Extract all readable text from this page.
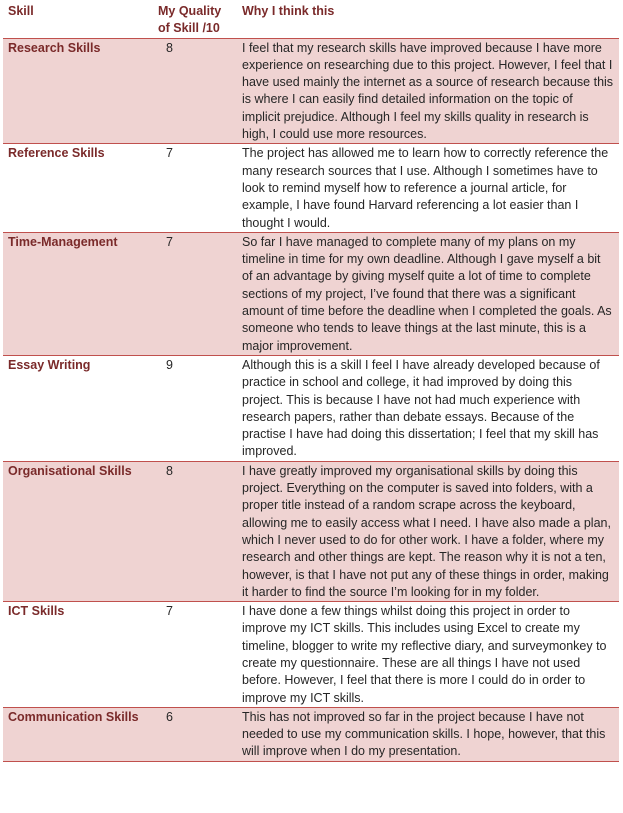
Skill	My Quality of Skill /10	Why I think this
Research Skills	8	I feel that my research skills have improved because I have more experience on researching due to this project. However, I feel that I have used mainly the internet as a source of research because this is where I can easily find detailed information on the topic of implicit prejudice. Although I feel my skills quality in research is high, I could use more resources.
Reference Skills	7	The project has allowed me to learn how to correctly reference the many research sources that I use. Although I sometimes have to look to remind myself how to reference a journal article, for example, I have found Harvard referencing a lot easier than I thought I would.
Time-Management	7	So far I have managed to complete many of my plans on my timeline in time for my own deadline. Although I gave myself a bit of an advantage by giving myself quite a lot of time to complete sections of my project, I’ve found that there was a significant amount of time before the deadline when I completed the goals. As someone who tends to leave things at the last minute, this is a major improvement.
Essay Writing	9	Although this is a skill I feel I have already developed because of practice in school and college, it had improved by doing this project. This is because I have not had much experience with research papers, rather than debate essays. Because of the practise I have had doing this dissertation; I feel that my skill has improved.
Organisational Skills	8	I have greatly improved my organisational skills by doing this project. Everything on the computer is saved into folders, with a proper title instead of a random scrape across the keyboard, allowing me to easily access what I need. I have also made a plan, which I never used to do for other work. I have a folder, where my research and other things are kept. The reason why it is not a ten, however, is that I have not put any of these things in order, making it harder to find the source I’m looking for in my folder.
ICT Skills	7	I have done a few things whilst doing this project in order to improve my ICT skills. This includes using Excel to create my timeline, blogger to write my reflective diary, and surveymonkey to create my questionnaire. These are all things I have not used before. However, I feel that there is more I could do in order to improve my ICT skills.
Communication Skills	6	This has not improved so far in the project because I have not needed to use my communication skills. I hope, however, that this will improve when I do my presentation.
